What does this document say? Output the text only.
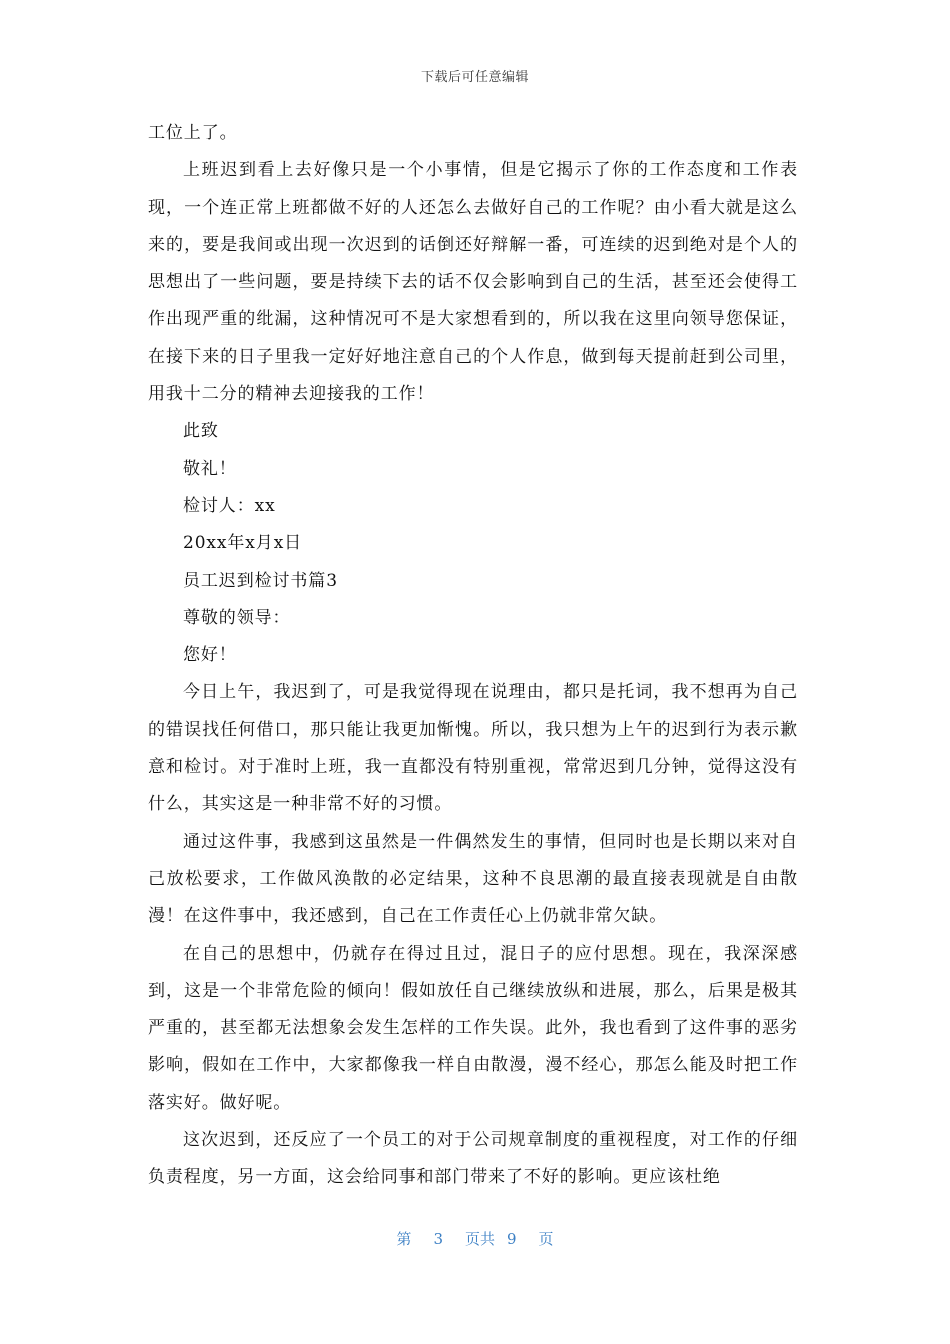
下载后可任意编辑

工位上了。

上班迟到看上去好像只是一个小事情，但是它揭示了你的工作态度和工作表现，一个连正常上班都做不好的人还怎么去做好自己的工作呢？由小看大就是这么来的，要是我间或出现一次迟到的话倒还好辩解一番，可连续的迟到绝对是个人的思想出了一些问题，要是持续下去的话不仅会影响到自己的生活，甚至还会使得工作出现严重的纰漏，这种情况可不是大家想看到的，所以我在这里向领导您保证，在接下来的日子里我一定好好地注意自己的个人作息，做到每天提前赶到公司里，用我十二分的精神去迎接我的工作！

此致

敬礼！

检讨人：xx

20xx年x月x日

员工迟到检讨书篇3

尊敬的领导：

您好！

今日上午，我迟到了，可是我觉得现在说理由，都只是托词，我不想再为自己的错误找任何借口，那只能让我更加惭愧。所以，我只想为上午的迟到行为表示歉意和检讨。对于准时上班，我一直都没有特别重视，常常迟到几分钟，觉得这没有什么，其实这是一种非常不好的习惯。

通过这件事，我感到这虽然是一件偶然发生的事情，但同时也是长期以来对自己放松要求，工作做风涣散的必定结果，这种不良思潮的最直接表现就是自由散漫！在这件事中，我还感到，自己在工作责任心上仍就非常欠缺。

在自己的思想中，仍就存在得过且过，混日子的应付思想。现在，我深深感到，这是一个非常危险的倾向！假如放任自己继续放纵和进展，那么，后果是极其严重的，甚至都无法想象会发生怎样的工作失误。此外，我也看到了这件事的恶劣影响，假如在工作中，大家都像我一样自由散漫，漫不经心，那怎么能及时把工作落实好。做好呢。

这次迟到，还反应了一个员工的对于公司规章制度的重视程度，对工作的仔细负责程度，另一方面，这会给同事和部门带来了不好的影响。更应该杜绝

第 3 页共 9 页
